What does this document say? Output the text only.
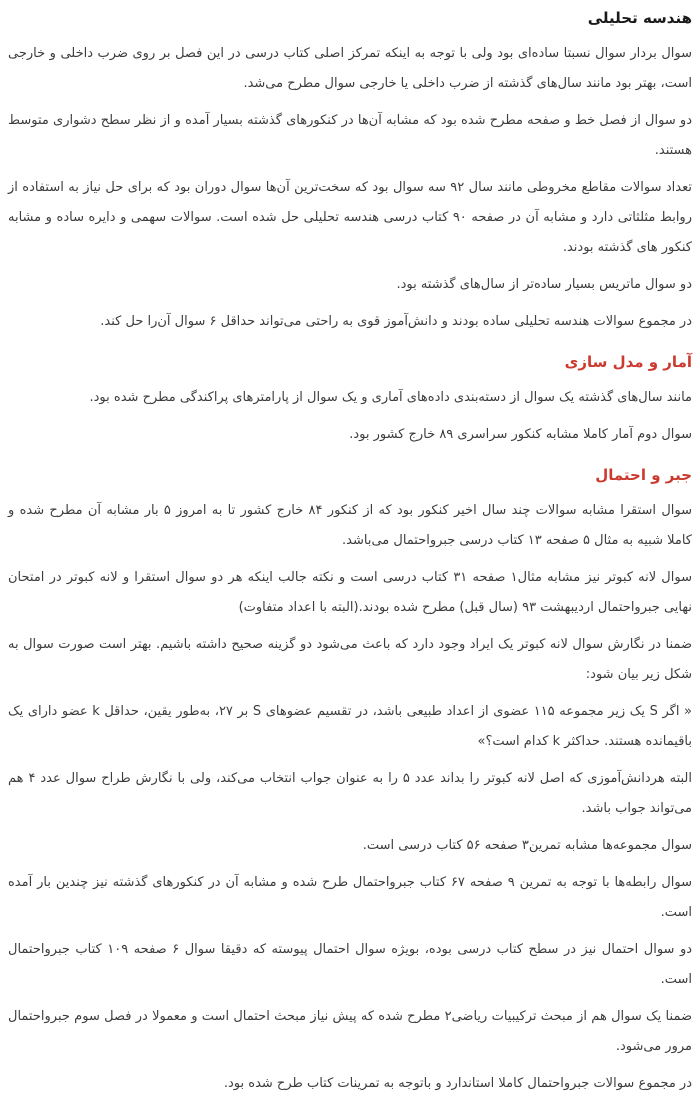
هندسه تحلیلی

سوال بردار سوال نسبتا ساده‌ای بود ولی با توجه به اینکه تمرکز اصلی کتاب درسی در این فصل بر روی ضرب داخلی و خارجی است، بهتر بود مانند سال‌های گذشته از ضرب داخلی یا خارجی سوال مطرح می‌شد.

دو سوال از فصل خط و صفحه مطرح شده بود که مشابه آن‌ها در کنکورهای گذشته بسیار آمده و از نظر سطح دشواری متوسط هستند.

تعداد سوالات مقاطع مخروطی مانند سال ۹۲ سه سوال بود که سخت‌ترین آن‌ها سوال دوران بود که برای حل نیاز به استفاده از روابط مثلثاتی دارد و مشابه آن در صفحه ۹۰ کتاب درسی هندسه تحلیلی حل شده است. سوالات سهمی و دایره ساده و مشابه کنکور های گذشته بودند.

دو سوال ماتریس بسیار ساده‌تر از سال‌های گذشته بود.

در مجموع سوالات هندسه تحلیلی ساده بودند و دانش‌آموز قوی به راحتی می‌تواند حداقل ۶ سوال آن‌را حل کند.

آمار و مدل سازی

مانند سال‌های گذشته یک سوال از دسته‌بندی داده‌های آماری و یک سوال از پارامترهای پراکندگی مطرح شده بود.

سوال دوم آمار کاملا مشابه کنکور سراسری ۸۹ خارج کشور بود.

جبر و احتمال

سوال استقرا مشابه سوالات چند سال اخیر کنکور بود که از کنکور ۸۴ خارج کشور تا به امروز ۵ بار مشابه آن مطرح شده و کاملا شبیه به مثال ۵ صفحه ۱۳ کتاب درسی جبرواحتمال می‌باشد.

سوال لانه کبوتر نیز مشابه مثال۱ صفحه ۳۱ کتاب درسی است و نکته جالب اینکه هر دو سوال استقرا و لانه کبوتر در امتحان نهایی جبرواحتمال اردیبهشت ۹۳ (سال قبل) مطرح شده بودند.(البته با اعداد متفاوت)

ضمنا در نگارش سوال لانه کبوتر یک ایراد وجود دارد که باعث می‌شود دو گزینه صحیح داشته باشیم. بهتر است صورت سوال به شکل زیر بیان شود:

« اگر S یک زیر مجموعه ۱۱۵ عضوی از اعداد طبیعی باشد، در تقسیم عضوهای S بر ۲۷، به‌طور یقین، حداقل k عضو دارای یک باقیمانده هستند. حداکثر k کدام است؟»

البته هردانش‌آموزی که اصل لانه کبوتر را بداند عدد ۵ را به عنوان جواب انتخاب می‌کند، ولی با نگارش طراح سوال عدد ۴ هم می‌تواند جواب باشد.

سوال مجموعه‌ها مشابه تمرین۳ صفحه ۵۶ کتاب درسی است.

سوال رابطه‌ها با توجه به تمرین ۹ صفحه ۶۷ کتاب جبرواحتمال طرح شده و مشابه آن در کنکورهای گذشته نیز چندین بار آمده است.

دو سوال احتمال نیز در سطح کتاب درسی بوده، بویژه سوال احتمال پیوسته که دقیقا سوال ۶ صفحه ۱۰۹ کتاب جبرواحتمال است.

ضمنا یک سوال هم از مبحث ترکیبیات ریاضی۲ مطرح شده که پیش نیاز مبحث احتمال است و معمولا در فصل سوم جبرواحتمال مرور می‌شود.

در مجموع سوالات جبرواحتمال کاملا استاندارد و باتوجه به تمرینات کتاب طرح شده بود.
